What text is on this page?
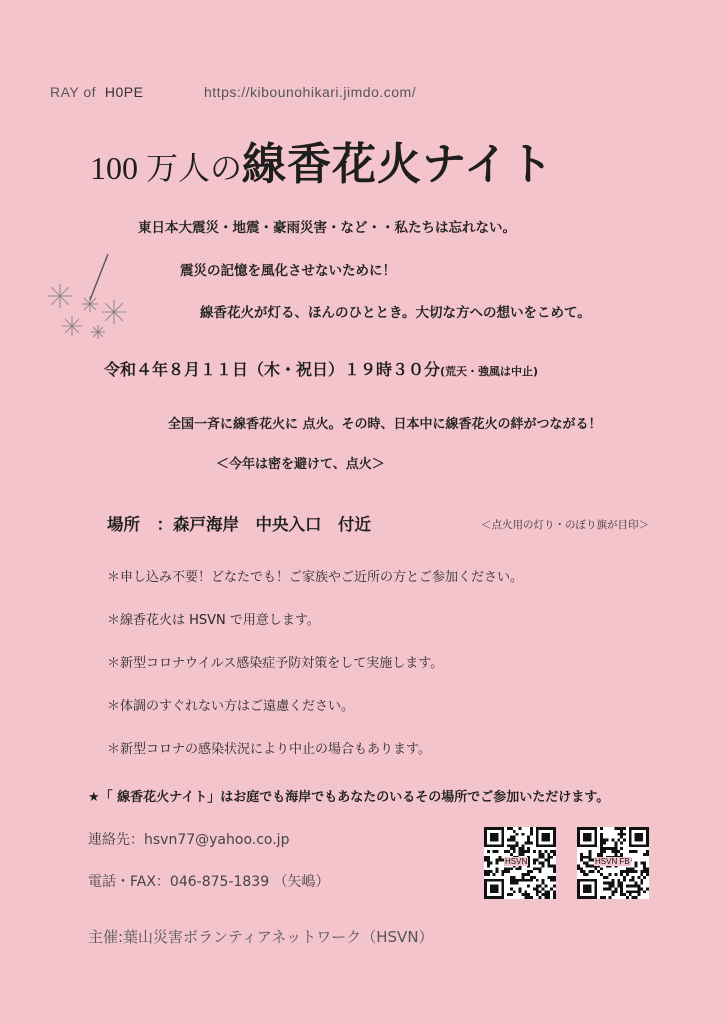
RAY of H0PE	https://kibounohikari.jimdo.com/
100 万人の線香花火ナイト
東日本大震災・地震・豪雨災害・など・・私たちは忘れない。
震災の記憶を風化させないために！
線香花火が灯る、ほんのひととき。大切な方への想いをこめて。
令和４年８月１１日（木・祝日）１９時３０分(荒天・強風は中止)
全国一斉に線香花火に 点火。その時、日本中に線香花火の絆がつながる！
＜今年は密を避けて、点火＞
場所　：森戸海岸　中央入口　付近	＜点火用の灯り・のぼり旗が目印＞
＊申し込み不要！どなたでも！ご家族やご近所の方とご参加ください。
＊線香花火は HSVN で用意します。
＊新型コロナウイルス感染症予防対策をして実施します。
＊体調のすぐれない方はご遠慮ください。
＊新型コロナの感染状況により中止の場合もあります。
★「 線香花火ナイト」はお庭でも海岸でもあなたのいるその場所でご参加いただけます。
連絡先：hsvn77@yahoo.co.jp
電話・FAX：046-875-1839 （矢嶋）
HSVN	HSVN FB
主催:葉山災害ボランティアネットワーク（HSVN）
